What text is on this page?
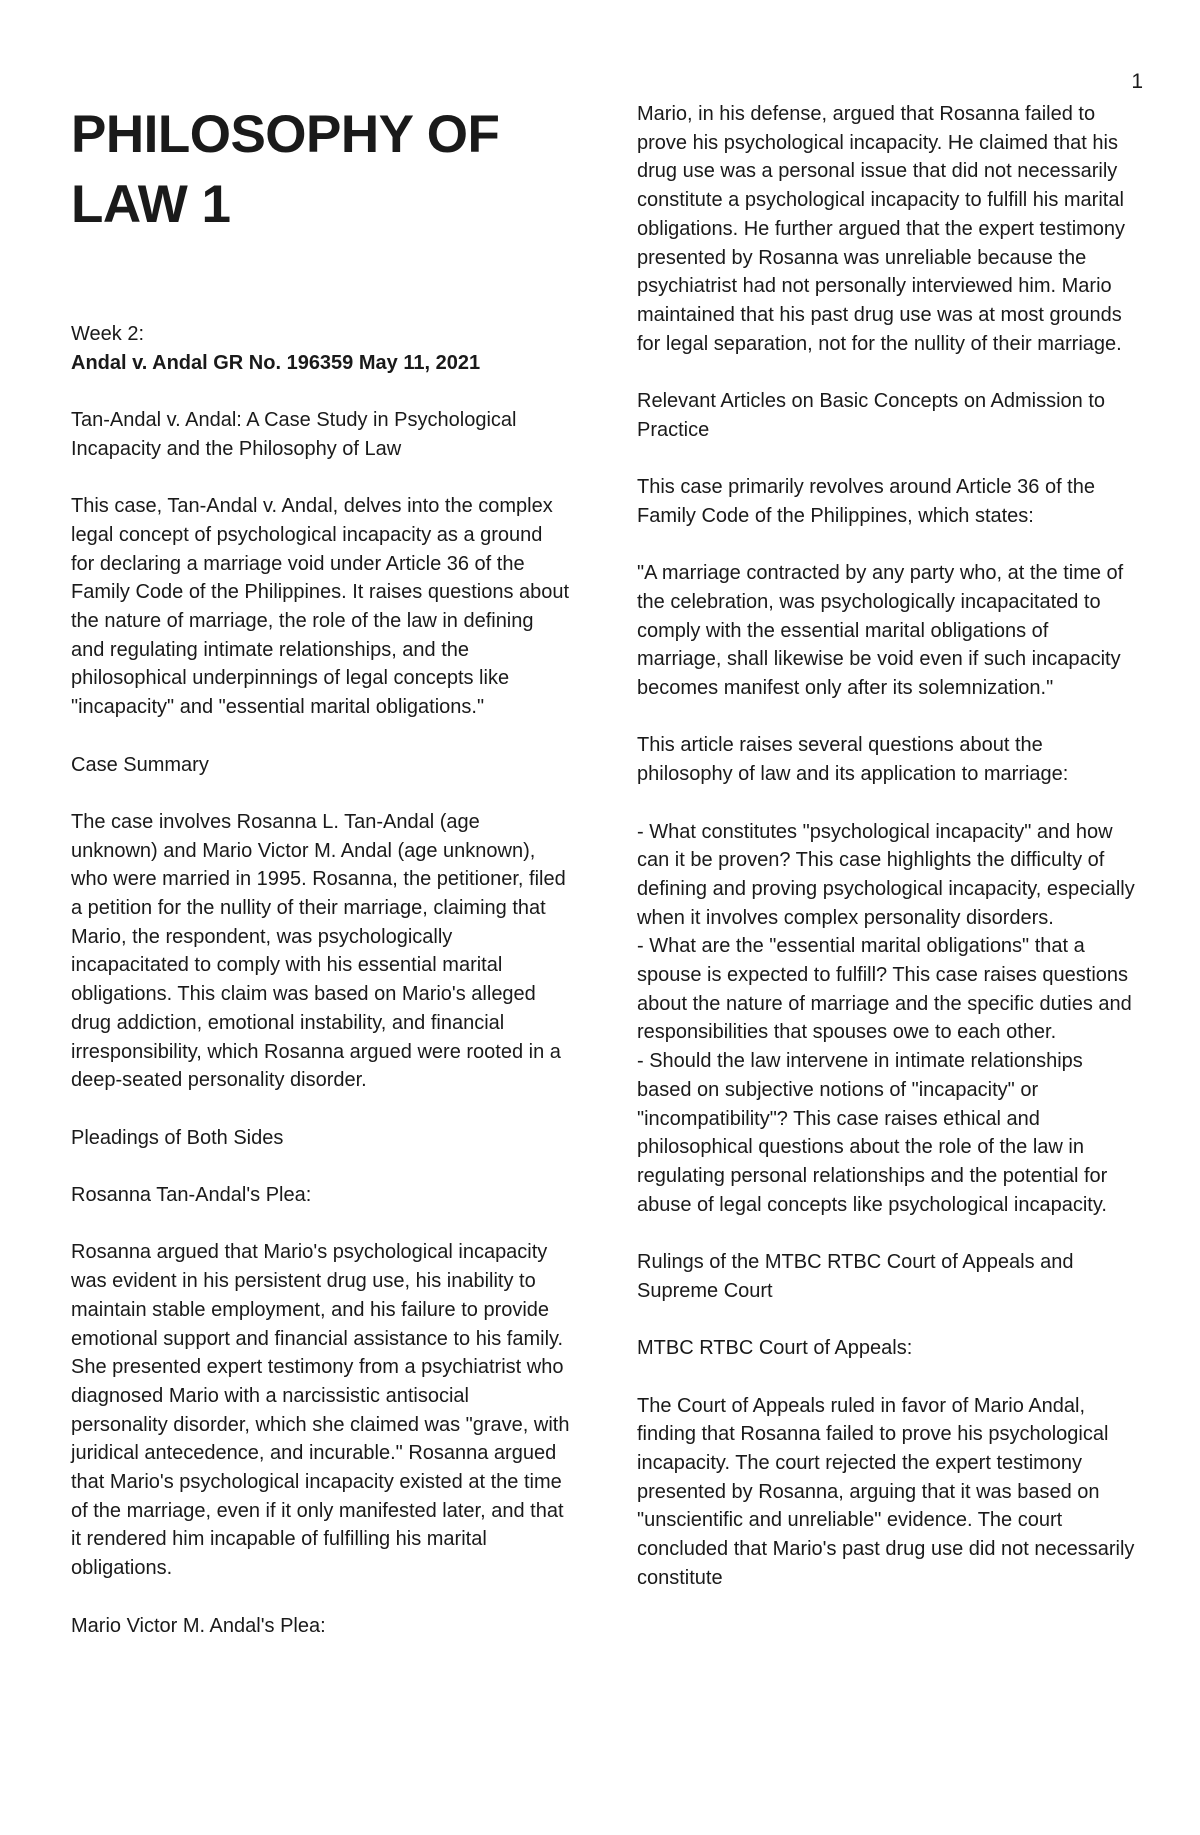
1
PHILOSOPHY OF
LAW 1

Week 2:

Andal v. Andal GR No. 196359 May 11, 2021

Tan-Andal v. Andal: A Case Study in Psychological Incapacity and the Philosophy of Law

This case, Tan-Andal v. Andal, delves into the complex legal concept of psychological incapacity as a ground for declaring a marriage void under Article 36 of the Family Code of the Philippines. It raises questions about the nature of marriage, the role of the law in defining and regulating intimate relationships, and the philosophical underpinnings of legal concepts like "incapacity" and "essential marital obligations."

Case Summary

The case involves Rosanna L. Tan-Andal (age unknown) and Mario Victor M. Andal (age unknown), who were married in 1995. Rosanna, the petitioner, filed a petition for the nullity of their marriage, claiming that Mario, the respondent, was psychologically incapacitated to comply with his essential marital obligations. This claim was based on Mario's alleged drug addiction, emotional instability, and financial irresponsibility, which Rosanna argued were rooted in a deep-seated personality disorder.

Pleadings of Both Sides

Rosanna Tan-Andal's Plea:

Rosanna argued that Mario's psychological incapacity was evident in his persistent drug use, his inability to maintain stable employment, and his failure to provide emotional support and financial assistance to his family. She presented expert testimony from a psychiatrist who diagnosed Mario with a narcissistic antisocial personality disorder, which she claimed was "grave, with juridical antecedence, and incurable." Rosanna argued that Mario's psychological incapacity existed at the time of the marriage, even if it only manifested later, and that it rendered him incapable of fulfilling his marital obligations.

Mario Victor M. Andal's Plea:

Mario, in his defense, argued that Rosanna failed to prove his psychological incapacity. He claimed that his drug use was a personal issue that did not necessarily constitute a psychological incapacity to fulfill his marital obligations. He further argued that the expert testimony presented by Rosanna was unreliable because the psychiatrist had not personally interviewed him. Mario maintained that his past drug use was at most grounds for legal separation, not for the nullity of their marriage.

Relevant Articles on Basic Concepts on Admission to Practice

This case primarily revolves around Article 36 of the Family Code of the Philippines, which states:

"A marriage contracted by any party who, at the time of the celebration, was psychologically incapacitated to comply with the essential marital obligations of marriage, shall likewise be void even if such incapacity becomes manifest only after its solemnization."

This article raises several questions about the philosophy of law and its application to marriage:

- What constitutes "psychological incapacity" and how can it be proven? This case highlights the difficulty of defining and proving psychological incapacity, especially when it involves complex personality disorders.
- What are the "essential marital obligations" that a spouse is expected to fulfill? This case raises questions about the nature of marriage and the specific duties and responsibilities that spouses owe to each other.
- Should the law intervene in intimate relationships based on subjective notions of "incapacity" or "incompatibility"? This case raises ethical and philosophical questions about the role of the law in regulating personal relationships and the potential for abuse of legal concepts like psychological incapacity.

Rulings of the MTBC RTBC Court of Appeals and Supreme Court

MTBC RTBC Court of Appeals:

The Court of Appeals ruled in favor of Mario Andal, finding that Rosanna failed to prove his psychological incapacity. The court rejected the expert testimony presented by Rosanna, arguing that it was based on "unscientific and unreliable" evidence. The court concluded that Mario's past drug use did not necessarily constitute
